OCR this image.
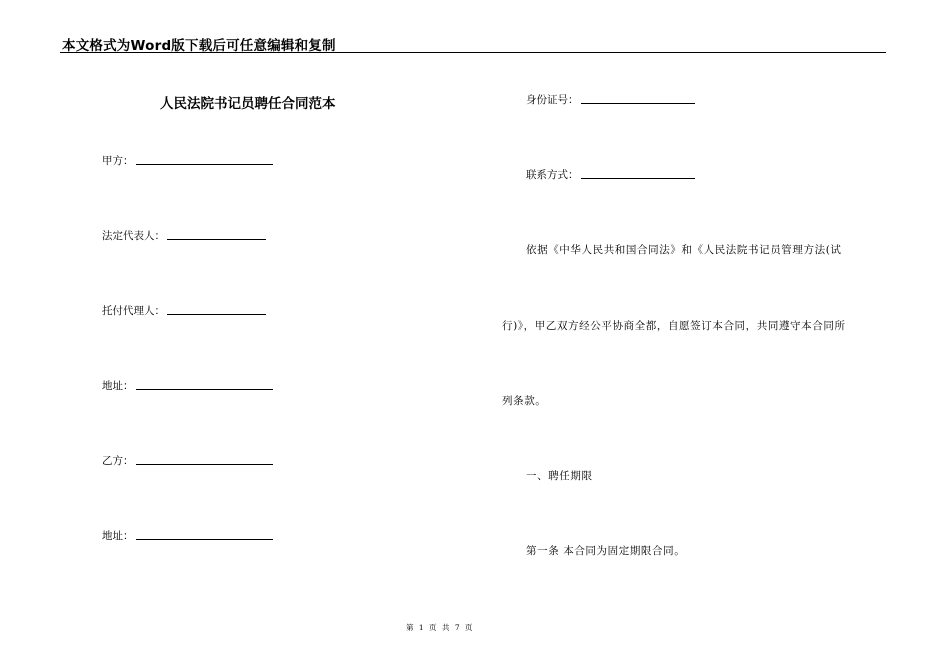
本文格式为Word版下载后可任意编辑和复制
人民法院书记员聘任合同范本
甲方：
法定代表人：
托付代理人：
地址：
乙方：
地址：
身份证号：
联系方式：
依据《中华人民共和国合同法》和《人民法院书记员管理方法(试
行)》，甲乙双方经公平协商全都，自愿签订本合同，共同遵守本合同所
列条款。
一、聘任期限
第一条 本合同为固定期限合同。
第 1 页 共 7 页
